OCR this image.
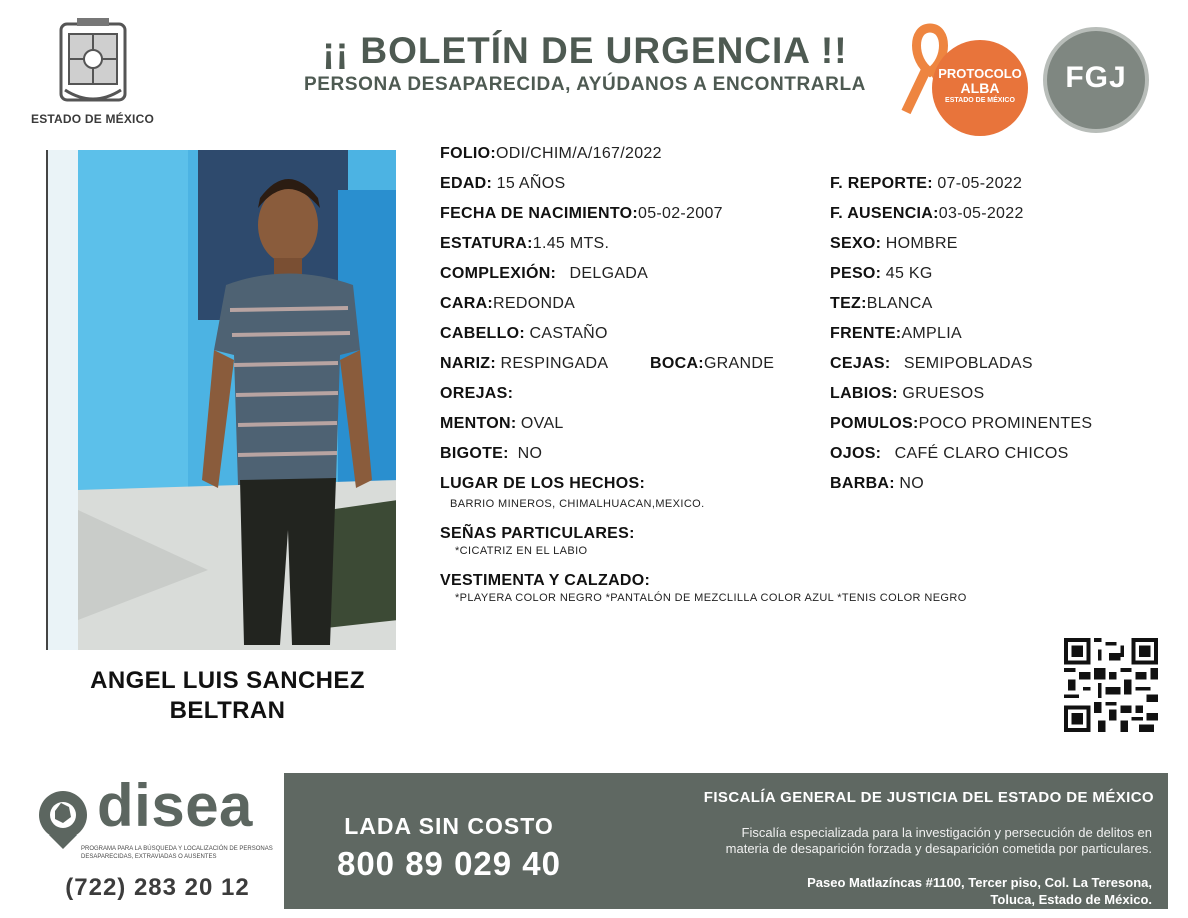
ESTADO DE MÉXICO
¡¡ BOLETÍN DE URGENCIA !!
PERSONA DESAPARECIDA, AYÚDANOS A ENCONTRARLA
PROTOCOLO
ALBA
ESTADO DE MÉXICO
FGJ
ANGEL LUIS SANCHEZ
BELTRAN
FOLIO:ODI/CHIM/A/167/2022
EDAD: 15 AÑOS
FECHA DE NACIMIENTO:05-02-2007
ESTATURA:1.45 MTS.
COMPLEXIÓN: DELGADA
CARA:REDONDA
CABELLO: CASTAÑO
NARIZ: RESPINGADA	BOCA:GRANDE
OREJAS:
MENTON: OVAL
BIGOTE: NO
LUGAR DE LOS HECHOS:
BARRIO MINEROS, CHIMALHUACAN,MEXICO.
SEÑAS PARTICULARES:
*CICATRIZ EN EL LABIO
VESTIMENTA Y CALZADO:
*PLAYERA COLOR NEGRO *PANTALÓN DE MEZCLILLA COLOR AZUL *TENIS COLOR NEGRO
F. REPORTE: 07-05-2022
F. AUSENCIA:03-05-2022
SEXO: HOMBRE
PESO: 45 KG
TEZ:BLANCA
FRENTE:AMPLIA
CEJAS: SEMIPOBLADAS
LABIOS: GRUESOS
POMULOS:POCO PROMINENTES
OJOS: CAFÉ CLARO CHICOS
BARBA: NO
disea
PROGRAMA PARA LA BÚSQUEDA Y LOCALIZACIÓN DE PERSONAS DESAPARECIDAS, EXTRAVIADAS O AUSENTES
(722) 283 20 12
LADA SIN COSTO
800 89 029 40
FISCALÍA GENERAL DE JUSTICIA DEL ESTADO DE MÉXICO
Fiscalía especializada para la investigación y persecución de delitos en
materia de desaparición forzada y desaparición cometida por particulares.
Paseo Matlazíncas #1100, Tercer piso, Col. La Teresona,
Toluca, Estado de México.
